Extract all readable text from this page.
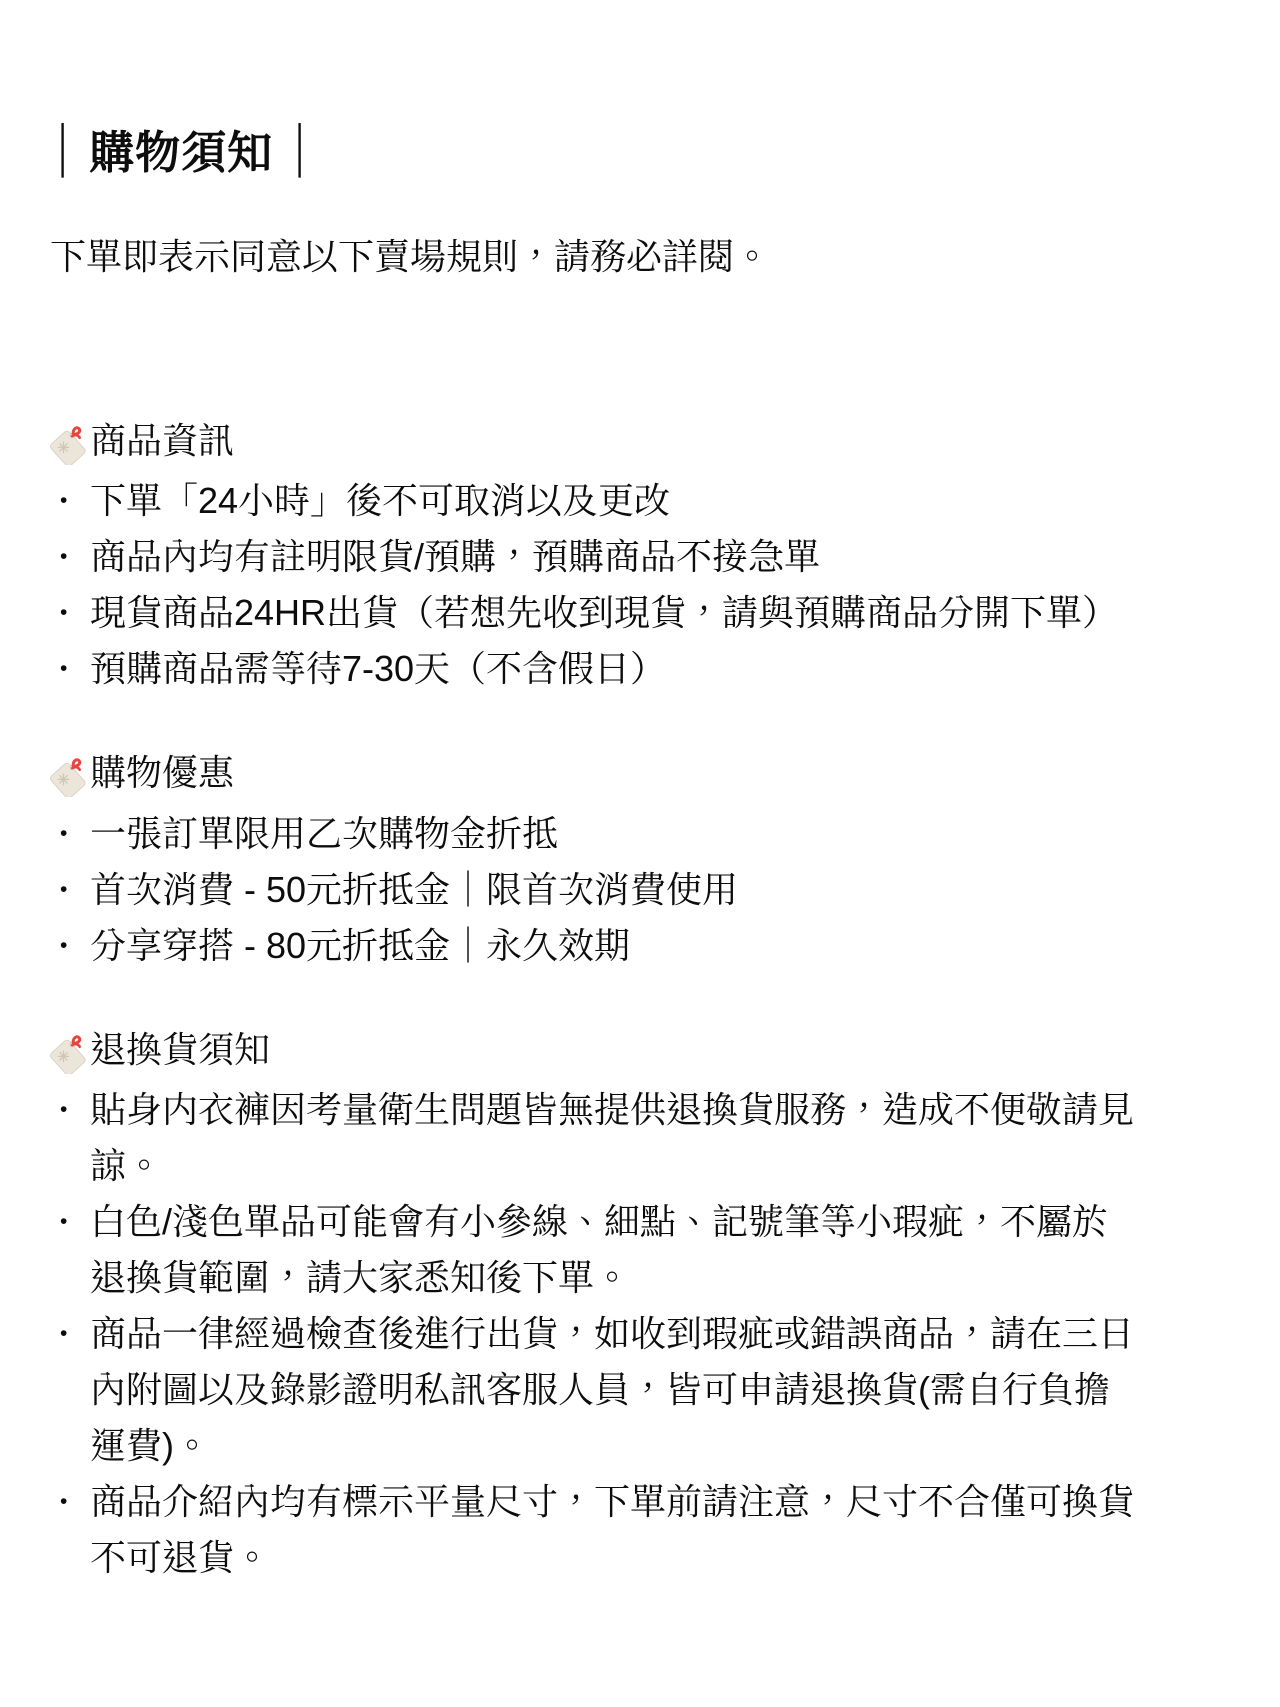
│ 購物須知 │

下單即表示同意以下賣場規則，請務必詳閱。

商品資訊
• 下單「24小時」後不可取消以及更改
• 商品內均有註明限貨/預購，預購商品不接急單
• 現貨商品24HR出貨（若想先收到現貨，請與預購商品分開下單）
• 預購商品需等待7-30天（不含假日）
購物優惠
• 一張訂單限用乙次購物金折抵
• 首次消費 - 50元折抵金｜限首次消費使用
• 分享穿搭 - 80元折抵金｜永久效期
退換貨須知
• 貼身内衣褲因考量衛生問題皆無提供退換貨服務，造成不便敬請見諒。
• 白色/淺色單品可能會有小參線、細點、記號筆等小瑕疵，不屬於退換貨範圍，請大家悉知後下單。
• 商品一律經過檢查後進行出貨，如收到瑕疵或錯誤商品，請在三日內附圖以及錄影證明私訊客服人員，皆可申請退換貨(需自行負擔運費)。
• 商品介紹內均有標示平量尺寸，下單前請注意，尺寸不合僅可換貨不可退貨。
